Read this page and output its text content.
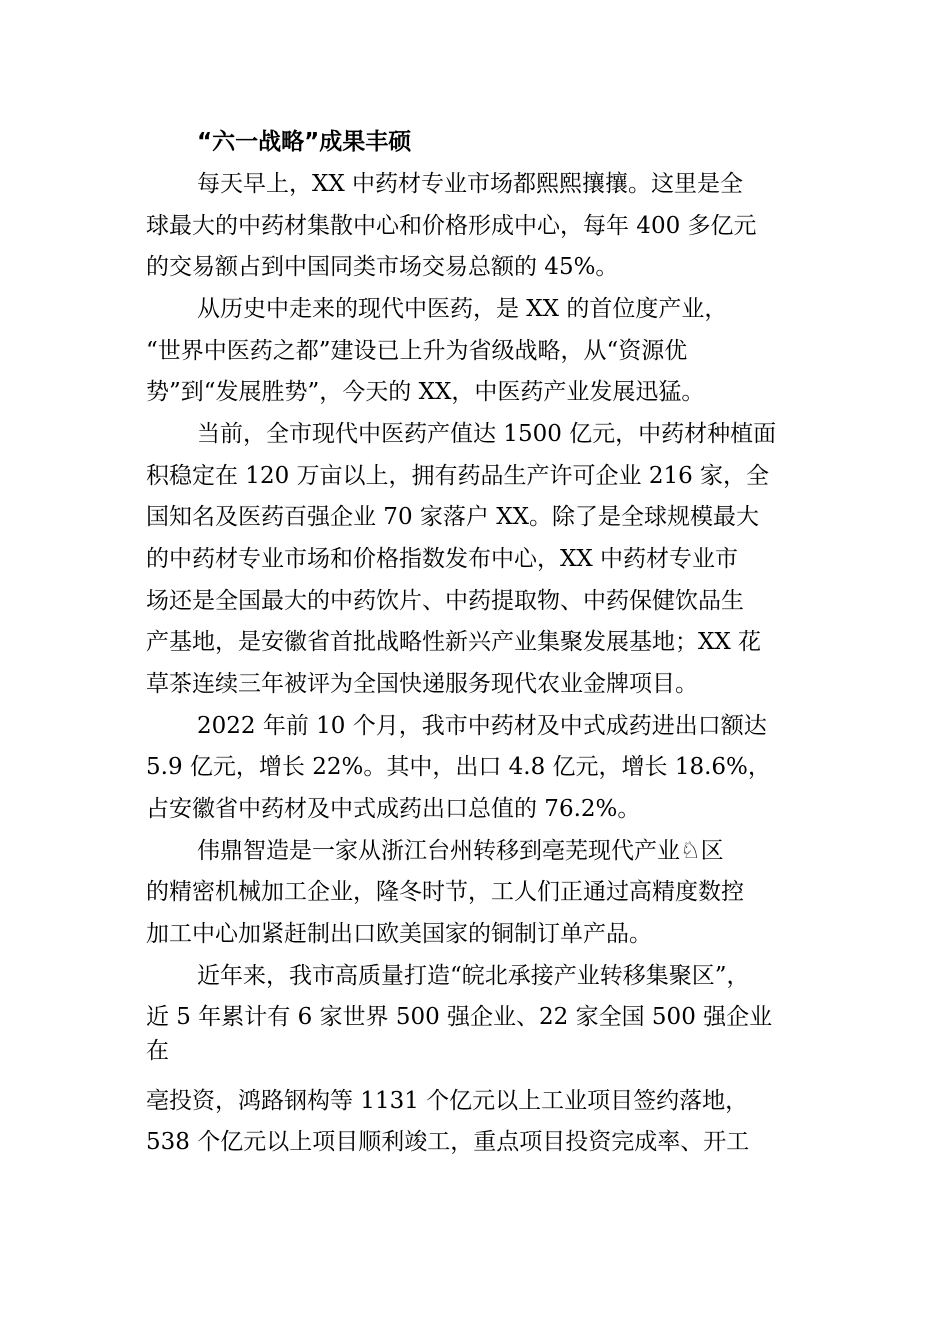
“六一战略”成果丰硕

每天早上，XX 中药材专业市场都熙熙攘攘。这里是全

球最大的中药材集散中心和价格形成中心，每年 400 多亿元

的交易额占到中国同类市场交易总额的 45%。

从历史中走来的现代中医药，是 XX 的首位度产业，

“世界中医药之都”建设已上升为省级战略，从“资源优

势”到“发展胜势”，今天的 XX，中医药产业发展迅猛。

当前，全市现代中医药产值达 1500 亿元，中药材种植面

积稳定在 120 万亩以上，拥有药品生产许可企业 216 家，全

国知名及医药百强企业 70 家落户 XX。除了是全球规模最大

的中药材专业市场和价格指数发布中心，XX 中药材专业市

场还是全国最大的中药饮片、中药提取物、中药保健饮品生

产基地，是安徽省首批战略性新兴产业集聚发展基地；XX 花

草茶连续三年被评为全国快递服务现代农业金牌项目。

2022 年前 10 个月，我市中药材及中式成药进出口额达

5.9 亿元，增长 22%。其中，出口 4.8 亿元，增长 18.6%，

占安徽省中药材及中式成药出口总值的 76.2%。

伟鼎智造是一家从浙江台州转移到亳芜现代产业♘区

的精密机械加工企业，隆冬时节，工人们正通过高精度数控

加工中心加紧赶制出口欧美国家的铜制订单产品。

近年来，我市高质量打造“皖北承接产业转移集聚区”，

近 5 年累计有 6 家世界 500 强企业、22 家全国 500 强企业

在

亳投资，鸿路钢构等 1131 个亿元以上工业项目签约落地，

538 个亿元以上项目顺利竣工，重点项目投资完成率、开工
